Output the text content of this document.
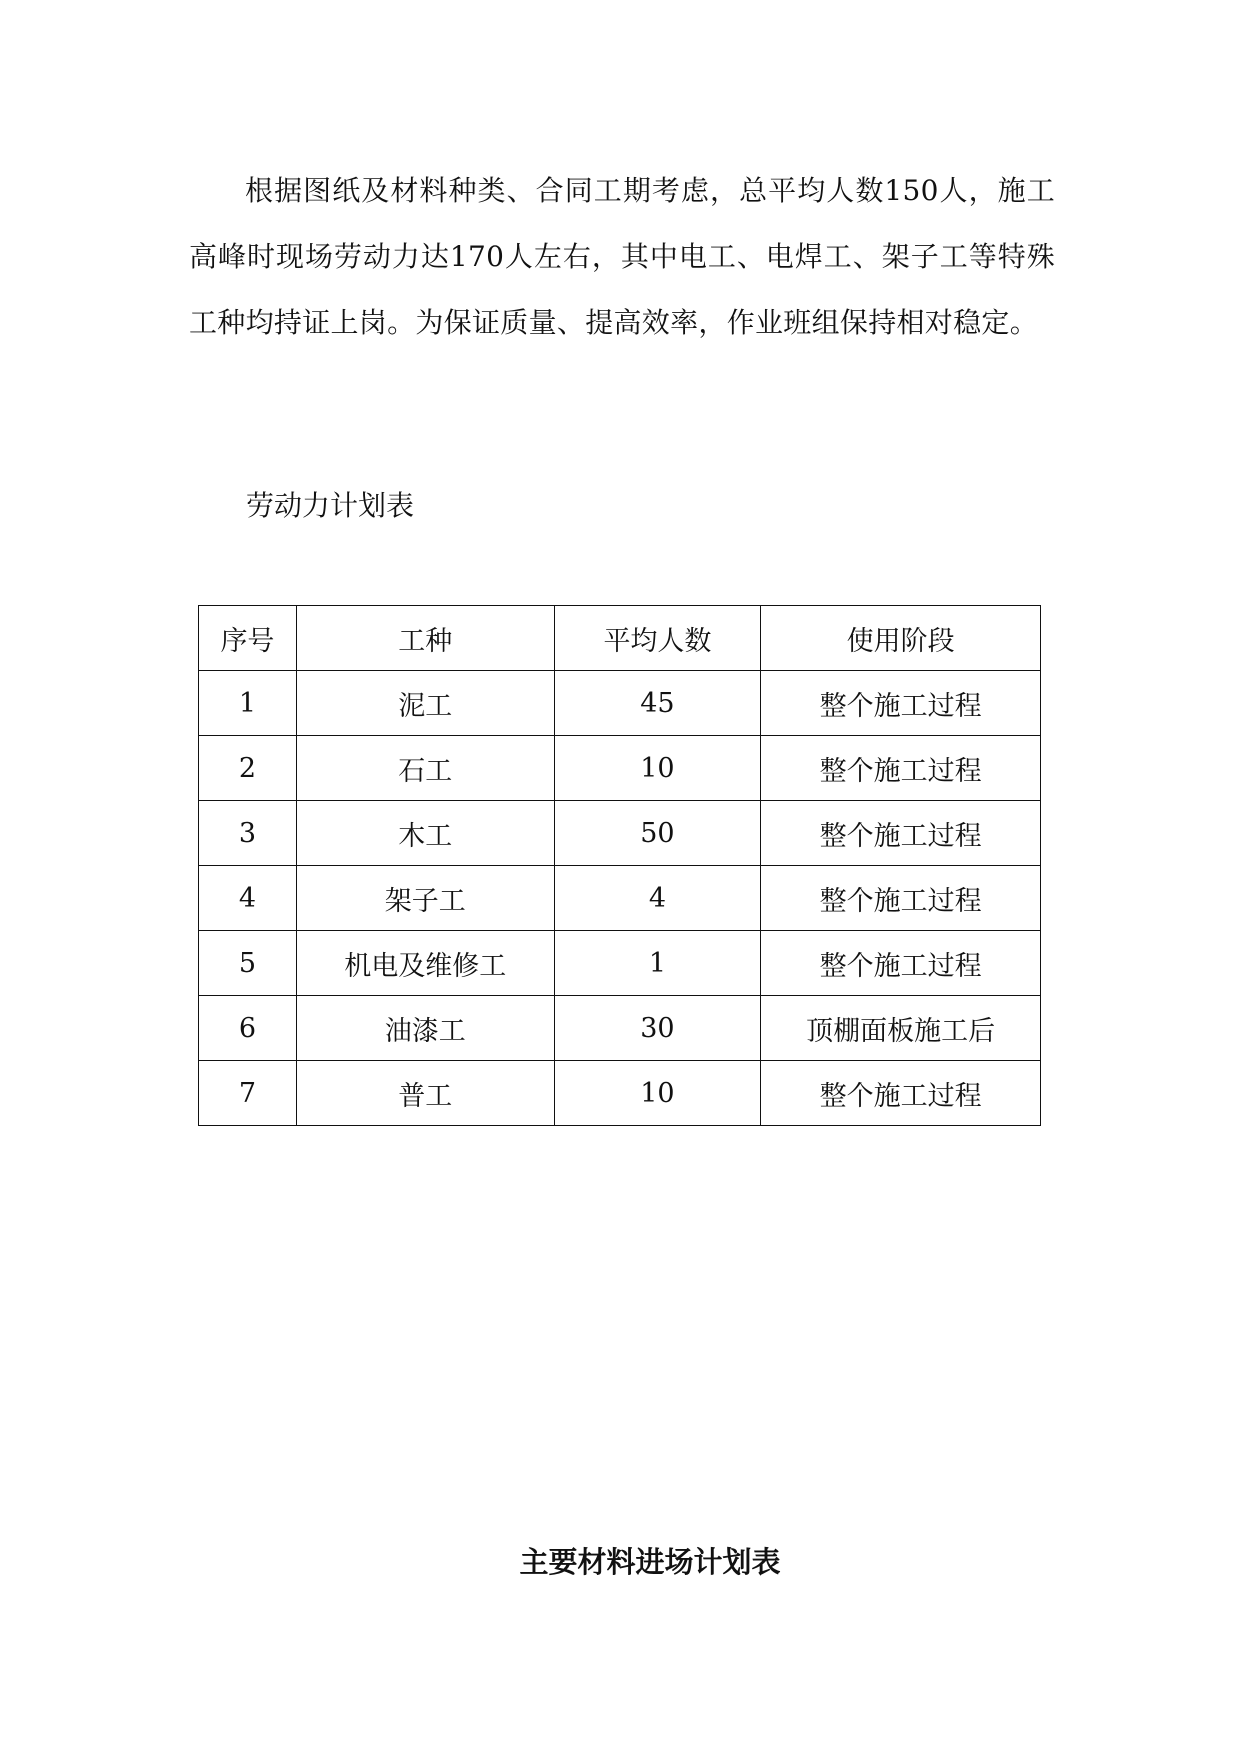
根据图纸及材料种类、合同工期考虑，总平均人数150人，施工高峰时现场劳动力达170人左右，其中电工、电焊工、架子工等特殊工种均持证上岗。为保证质量、提高效率，作业班组保持相对稳定。

劳动力计划表

序号	工种	平均人数	使用阶段
1	泥工	45	整个施工过程
2	石工	10	整个施工过程
3	木工	50	整个施工过程
4	架子工	4	整个施工过程
5	机电及维修工	1	整个施工过程
6	油漆工	30	顶棚面板施工后
7	普工	10	整个施工过程

主要材料进场计划表
